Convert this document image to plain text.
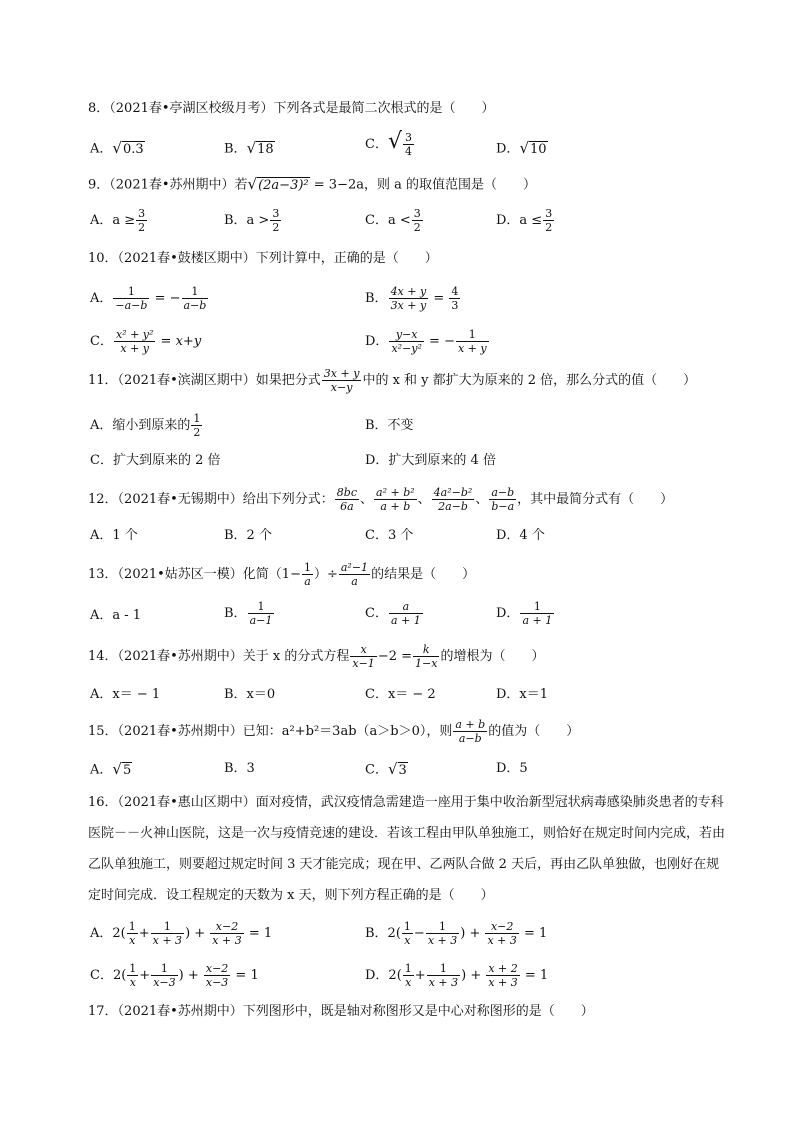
8．（2021春•亭湖区校级月考）下列各式是最简二次根式的是（　　）
A．√0.3	B．√18	C．√ $\frac{3}{4}$	D．√10
9．（2021春•苏州期中）若√(2a−3)² = 3−2a，则 a 的取值范围是（　　）
A．$a \ge \frac{3}{2}$	B．$a > \frac{3}{2}$	C．$a < \frac{3}{2}$	D．$a \le \frac{3}{2}$
10．（2021春•鼓楼区期中）下列计算中，正确的是（　　）
A． $\frac{1}{-a-b}$ = − $\frac{1}{a-b}$	B． $\frac{4x + y}{3x + y} = \frac{4}{3}$
C． $\frac{\text{x² + y²}}{x + y} = x+y$	D． $\frac{y-x}{\text{x²−y²}}$ = − $\frac{1}{x + y}$
11．（2021春•滨湖区期中）如果把分式 $\frac{3x + y}{x-y}$ 中的 x 和 y 都扩大为原来的 2 倍，那么分式的值（　　）
A．缩小到原来的 $\frac{1}{2}$	B．不变
C．扩大到原来的 2 倍	D．扩大到原来的 4 倍
12．（2021春•无锡期中）给出下列分式： $\frac{8bc}{6a}$ 、 $\frac{\text{a² + b²}}{a + b}$ 、 $\frac{\text{4a²−b²}}{2a-b}$ 、 $\frac{a-b}{b-a}$ ，其中最简分式有（　　）
A．1 个	B．2 个	C．3 个	D．4 个
13．（2021•姑苏区一模）化简（$1- \frac{1}{a}$ ）÷ $\frac{\text{a²−1}}{a}$ 的结果是（　　）
A．a - 1	B． $\frac{1}{a-1}$	C． $\frac{a}{a + 1}$	D． $\frac{1}{a + 1}$
14．（2021春•苏州期中）关于 x 的分式方程 $\frac{x}{x-1} -2 = \frac{k}{1-x}$ 的增根为（　　）
A．x＝ − 1	B．x＝0	C．x＝ − 2	D．x＝1
15．（2021春•苏州期中）已知：a²+b²＝3ab（a＞b＞0），则 $\frac{a + b}{a-b}$ 的值为（　　）
A．√5	B．3	C．√3	D．5
16．（2021春•惠山区期中）面对疫情，武汉疫情急需建造一座用于集中收治新型冠状病毒感染肺炎患者的专科医院－－火神山医院，这是一次与疫情竞速的建设．若该工程由甲队单独施工，则恰好在规定时间内完成，若由乙队单独施工，则要超过规定时间 3 天才能完成；现在甲、乙两队合做 2 天后，再由乙队单独做，也刚好在规定时间完成．设工程规定的天数为 x 天，则下列方程正确的是（　　）
A．$2( \frac{1}{x} + \frac{1}{x + 3}$ ) + $\frac{x-2}{x + 3} = 1$	B．$2( \frac{1}{x} - \frac{1}{x + 3}$ ) + $\frac{x-2}{x + 3} = 1$
C．$2( \frac{1}{x} + \frac{1}{x-3}$ ) + $\frac{x-2}{x-3} = 1$	D．$2( \frac{1}{x} + \frac{1}{x + 3}$ ) + $\frac{x + 2}{x + 3} = 1$
17．（2021春•苏州期中）下列图形中，既是轴对称图形又是中心对称图形的是（　　）
